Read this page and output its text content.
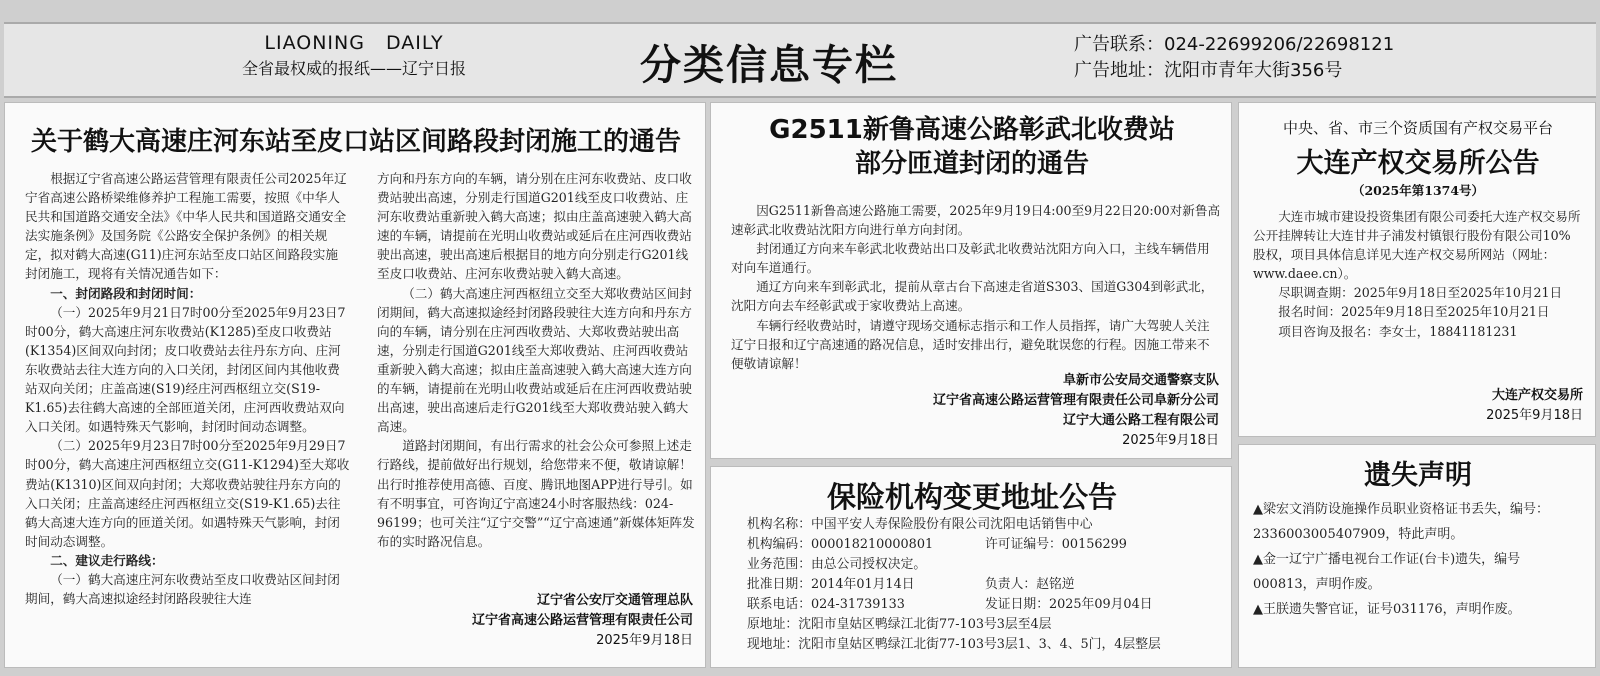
LIAONING DAILY
全省最权威的报纸——辽宁日报	分类信息专栏	广告联系：024-22699206/22698121
广告地址：沈阳市青年大街356号
关于鹤大高速庄河东站至皮口站区间路段封闭施工的通告

根据辽宁省高速公路运营管理有限责任公司2025年辽宁省高速公路桥梁维修养护工程施工需要，按照《中华人民共和国道路交通安全法》《中华人民共和国道路交通安全法实施条例》及国务院《公路安全保护条例》的相关规定，拟对鹤大高速(G11)庄河东站至皮口站区间路段实施封闭施工，现将有关情况通告如下：

一、封闭路段和封闭时间：

（一）2025年9月21日7时00分至2025年9月23日7时00分，鹤大高速庄河东收费站(K1285)至皮口收费站(K1354)区间双向封闭；皮口收费站去往丹东方向、庄河东收费站去往大连方向的入口关闭，封闭区间内其他收费站双向关闭；庄盖高速(S19)经庄河西枢纽立交(S19-K1.65)去往鹤大高速的全部匝道关闭，庄河西收费站双向入口关闭。如遇特殊天气影响，封闭时间动态调整。

（二）2025年9月23日7时00分至2025年9月29日7时00分，鹤大高速庄河西枢纽立交(G11-K1294)至大郑收费站(K1310)区间双向封闭；大郑收费站驶往丹东方向的入口关闭；庄盖高速经庄河西枢纽立交(S19-K1.65)去往鹤大高速大连方向的匝道关闭。如遇特殊天气影响，封闭时间动态调整。

二、建议走行路线：

（一）鹤大高速庄河东收费站至皮口收费站区间封闭期间，鹤大高速拟途经封闭路段驶往大连

方向和丹东方向的车辆，请分别在庄河东收费站、皮口收费站驶出高速，分别走行国道G201线至皮口收费站、庄河东收费站重新驶入鹤大高速；拟由庄盖高速驶入鹤大高速的车辆，请提前在光明山收费站或延后在庄河西收费站驶出高速，驶出高速后根据目的地方向分别走行G201线至皮口收费站、庄河东收费站驶入鹤大高速。

（二）鹤大高速庄河西枢纽立交至大郑收费站区间封闭期间，鹤大高速拟途经封闭路段驶往大连方向和丹东方向的车辆，请分别在庄河西收费站、大郑收费站驶出高速，分别走行国道G201线至大郑收费站、庄河西收费站重新驶入鹤大高速；拟由庄盖高速驶入鹤大高速大连方向的车辆，请提前在光明山收费站或延后在庄河西收费站驶出高速，驶出高速后走行G201线至大郑收费站驶入鹤大高速。

道路封闭期间，有出行需求的社会公众可参照上述走行路线，提前做好出行规划，给您带来不便，敬请谅解！出行时推荐使用高德、百度、腾讯地图APP进行导引。如有不明事宜，可咨询辽宁高速24小时客服热线：024-96199；也可关注“辽宁交警”“辽宁高速通”新媒体矩阵发布的实时路况信息。

辽宁省公安厅交通管理总队
辽宁省高速公路运营管理有限责任公司
2025年9月18日
G2511新鲁高速公路彰武北收费站
部分匝道封闭的通告

因G2511新鲁高速公路施工需要，2025年9月19日4:00至9月22日20:00对新鲁高速彰武北收费站沈阳方向进行单方向封闭。

封闭通辽方向来车彰武北收费站出口及彰武北收费站沈阳方向入口，主线车辆借用对向车道通行。

通辽方向来车到彰武北，提前从章古台下高速走省道S303、国道G304到彰武北，沈阳方向去车经彰武或于家收费站上高速。

车辆行经收费站时，请遵守现场交通标志指示和工作人员指挥，请广大驾驶人关注辽宁日报和辽宁高速通的路况信息，适时安排出行，避免耽误您的行程。因施工带来不便敬请谅解！

阜新市公安局交通警察支队
辽宁省高速公路运营管理有限责任公司阜新分公司
辽宁大通公路工程有限公司
2025年9月18日
保险机构变更地址公告
机构名称：中国平安人寿保险股份有限公司沈阳电话销售中心
机构编码：000018210000801	许可证编号：00156299
业务范围：由总公司授权决定。
批准日期：2014年01月14日	负责人：赵铭逆
联系电话：024-31739133	发证日期：2025年09月04日
原地址：沈阳市皇姑区鸭绿江北街77-103号3层至4层
现地址：沈阳市皇姑区鸭绿江北街77-103号3层1、3、4、5门，4层整层
中央、省、市三个资质国有产权交易平台
大连产权交易所公告
（2025年第1374号）

大连市城市建设投资集团有限公司委托大连产权交易所公开挂牌转让大连甘井子浦发村镇银行股份有限公司10%股权，项目具体信息详见大连产权交易所网站（网址：www.daee.cn）。

尽职调查期：2025年9月18日至2025年10月21日

报名时间：2025年9月18日至2025年10月21日

项目咨询及报名：李女士，18841181231

大连产权交易所
2025年9月18日
遗失声明

▲梁宏文消防设施操作员职业资格证书丢失，编号：2336003005407909，特此声明。

▲金一辽宁广播电视台工作证(台卡)遗失，编号 000813，声明作废。

▲王朕遗失警官证，证号031176，声明作废。
